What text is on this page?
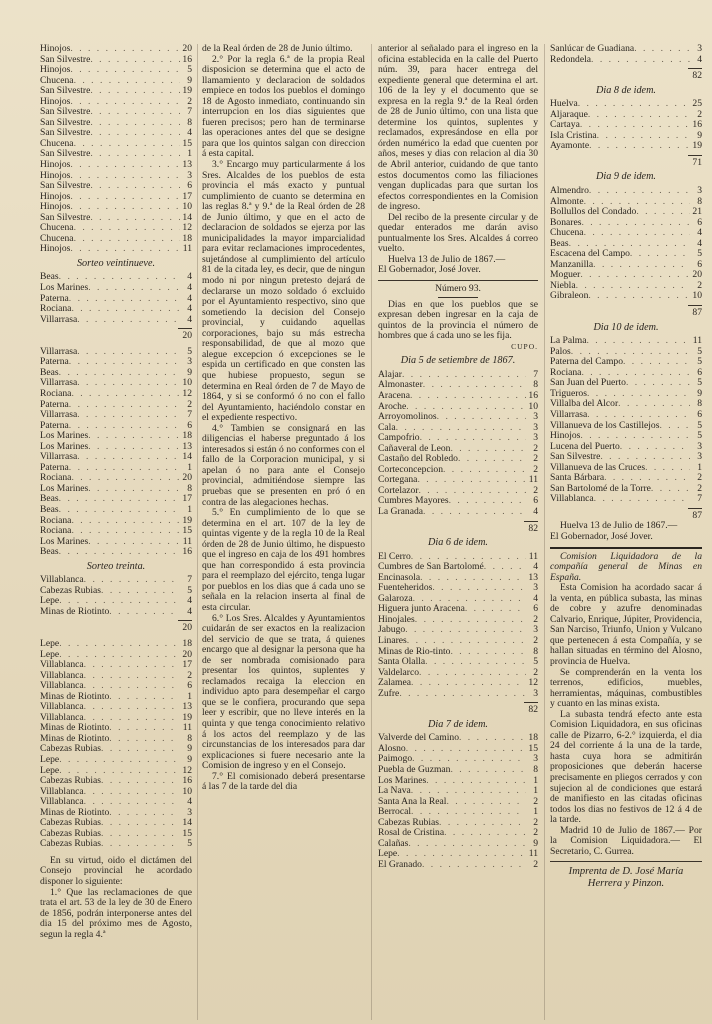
Hinojos . . .	20
San Silvestre . . .	16
Hinojos . . .	5
Chucena . . .	9
San Silvestre . . .	19
Hinojos . . .	2
San Silvestre . . .	7
San Silvestre . . .	8
San Silvestre . . .	4
Chucena . . .	15
San Silvestre . . .	1
Hinojos . . .	13
Hinojos . . .	3
San Silvestre . . .	6
Hinojos . . .	17
Hinojos . . .	10
San Silvestre . . .	14
Chucena . . .	12
Chucena . . .	18
Hinojos . . .	11
Sorteo veintinueve.
Beas . . .	4
Los Marines . . .	4
Paterna . . .	4
Rociana . . .	4
Villarrasa . . .	4
20
Villarrasa . . .	5
Paterna . . .	3
Beas . . .	9
Villarrasa . . .	10
Rociana . . .	12
Paterna . . .	2
Villarrasa . . .	7
Paterna . . .	6
Los Marines . . .	18
Los Marines . . .	13
Villarrasa . . .	14
Paterna . . .	1
Rociana . . .	20
Los Marines . . .	8
Beas . . .	17
Beas . . .	1
Rociana . . .	19
Rociana . . .	15
Los Marines . . .	11
Beas . . .	16
Sorteo treinta.
Villablanca . . .	7
Cabezas Rubias . . .	5
Lepe . . .	4
Minas de Riotinto . . .	4
20
Lepe . . .	18
Lepe . . .	20
Villablanca . . .	17
Villablanca . . .	2
Villablanca . . .	6
Minas de Riotinto . . .	1
Villablanca . . .	13
Villablanca . . .	19
Minas de Riotinto . . .	11
Minas de Riotinto . . .	8
Cabezas Rubias . . .	9
Lepe . . .	9
Lepe . . .	12
Cabezas Rubias . . .	16
Villablanca . . .	10
Villablanca . . .	4
Minas de Riotinto . . .	3
Cabezas Rubias . . .	14
Cabezas Rubias . . .	15
Cabezas Rubias . . .	5

En su virtud, oido el dictámen del Consejo provincial he acordado disponer lo siguiente:

1.° Que las reclamaciones de que trata el art. 53 de la ley de 30 de Enero de 1856, podrán interponerse antes del dia 15 del próximo mes de Agosto, segun la regla 4.ª

de la Real órden de 28 de Junio último.

2.° Por la regla 6.ª de la propia Real disposicion se determina que el acto de llamamiento y declaracion de soldados empiece en todos los pueblos el domingo 18 de Agosto inmediato, continuando sin interrupcion en los dias siguientes que fueren precisos; pero han de terminarse las operaciones antes del que se designe para que los quintos salgan con direccion á esta capital.

3.° Encargo muy particularmente á los Sres. Alcaldes de los pueblos de esta provincia el más exacto y puntual cumplimiento de cuanto se determina en las reglas 8.ª y 9.ª de la Real órden de 28 de Junio último, y que en el acto de declaracion de soldados se ejerza por las municipalidades la mayor imparcialidad para evitar reclamaciones improcedentes, sujetándose al cumplimiento del artículo 81 de la citada ley, es decir, que de ningun modo ni por ningun pretesto dejará de declararse un mozo soldado ó excluido por el Ayuntamiento respectivo, sino que sometiendo la decision del Consejo provincial, y cuidando aquellas corporaciones, bajo su más estrecha responsabilidad, de que al mozo que alegue excepcion ó excepciones se le espida un certificado en que consten las que hubiese propuesto, segun se determina en Real órden de 7 de Mayo de 1864, y si se conformó ó no con el fallo del Ayuntamiento, haciéndolo constar en el expediente respectivo.

4.° Tambien se consignará en las diligencias el haberse preguntado á los interesados si están ó no conformes con el fallo de la Corporacion municipal, y si apelan ó no para ante el Consejo provincial, admitiéndose siempre las pruebas que se presenten en pró ó en contra de las alegaciones hechas.

5.° En cumplimiento de lo que se determina en el art. 107 de la ley de quintas vigente y de la regla 10 de la Real órden de 28 de Junio último, he dispuesto que el ingreso en caja de los 491 hombres que han correspondido á esta provincia para el reemplazo del ejército, tenga lugar por pueblos en los dias que á cada uno se señala en la relacion inserta al final de esta circular.

6.° Los Sres. Alcaldes y Ayuntamientos cuidarán de ser exactos en la realizacion del servicio de que se trata, á quienes encargo que al designar la persona que ha de ser nombrada comisionado para presentar los quintos, suplentes y reclamados recaiga la eleccion en individuo apto para desempeñar el cargo que se le confiera, procurando que sepa leer y escribir, que no lleve interés en la quinta y que tenga conocimiento relativo á los actos del reemplazo y de las circunstancias de los interesados para dar explicaciones si fuere necesario ante la Comision de ingreso y en el Consejo.

7.° El comisionado deberá presentarse á las 7 de la tarde del dia

anterior al señalado para el ingreso en la oficina establecida en la calle del Puerto núm. 39, para hacer entrega del expediente general que determina el art. 106 de la ley y el documento que se expresa en la regla 9.ª de la Real órden de 28 de Junio último, con una lista que determine los quintos, suplentes y reclamados, expresándose en ella por órden numérico la edad que cuenten por años, meses y dias con relacion al dia 30 de Abril anterior, cuidando de que tanto estos documentos como las filiaciones vengan duplicadas para que surtan los efectos correspondientes en la Comision de ingreso.

Del recibo de la presente circular y de quedar enterados me darán aviso puntualmente los Sres. Alcaldes á correo vuelto.

Huelva 13 de Julio de 1867.—

El Gobernador, José Jover.

Número 93.

Dias en que los pueblos que se expresan deben ingresar en la caja de quintos de la provincia el número de hombres que á cada uno se les fija.

CUPO.
Dia 5 de setiembre de 1867.
Alajar . . .	7
Almonaster . . .	8
Aracena . . .	16
Aroche . . .	10
Arroyomolinos . . .	3
Cala . . .	3
Campofrio . . .	3
Cañaveral de Leon . . .	2
Castaño del Robledo . . .	2
Corteconcepcion . . .	2
Cortegana . . .	11
Cortelazor . . .	2
Cumbres Mayores . . .	6
La Granada . . .	4
82
Dia 6 de idem.
El Cerro . . .	11
Cumbres de San Bartolomé . . .	4
Encinasola . . .	13
Fuenteheridos . . .	3
Galaroza . . .	4
Higuera junto Aracena . . .	6
Hinojales . . .	2
Jabugo . . .	3
Linares . . .	2
Minas de Rio-tinto . . .	8
Santa Olalla . . .	5
Valdelarco . . .	2
Zalamea . . .	12
Zufre . . .	3
82
Dia 7 de idem.
Valverde del Camino . . .	18
Alosno . . .	15
Paimogo . . .	3
Puebla de Guzman . . .	8
Los Marines . . .	1
La Nava . . .	1
Santa Ana la Real . . .	2
Berrocal . . .	1
Cabezas Rubias . . .	2
Rosal de Cristina . . .	2
Calañas . . .	9
Lepe . . .	11
El Granado . . .	2
Sanlúcar de Guadiana . . .	3
Redondela . . .	4
82
Dia 8 de idem.
Huelva . . .	25
Aljaraque . . .	2
Cartaya . . .	16
Isla Cristina . . .	9
Ayamonte . . .	19
71
Dia 9 de idem.
Almendro . . .	3
Almonte . . .	8
Bollullos del Condado . . .	21
Bonares . . .	6
Chucena . . .	4
Beas . . .	4
Escacena del Campo . . .	5
Manzanilla . . .	6
Moguer . . .	20
Niebla . . .	2
Gibraleon . . .	10
87
Dia 10 de idem.
La Palma . . .	11
Palos . . .	5
Paterna del Campo . . .	5
Rociana . . .	6
San Juan del Puerto . . .	5
Trigueros . . .	9
Villalba del Alcor . . .	8
Villarrasa . . .	6
Villanueva de los Castillejos . . .	5
Hinojos . . .	5
Lucena del Puerto . . .	3
San Silvestre . . .	3
Villanueva de las Cruces . . .	1
Santa Bárbara . . .	2
San Bartolomé de la Torre . . .	2
Villablanca . . .	7
87

Huelva 13 de Julio de 1867.—

El Gobernador, José Jover.

Comision Liquidadora de la compañía general de Minas en España.

Esta Comision ha acordado sacar á la venta, en pública subasta, las minas de cobre y azufre denominadas Calvario, Enrique, Júpiter, Providencia, San Narciso, Triunfo, Union y Vulcano que pertenecen á esta Compañía, y se hallan situadas en término del Alosno, provincia de Huelva.

Se comprenderán en la venta los terrenos, edificios, muebles, herramientas, máquinas, combustibles y cuanto en las minas exista.

La subasta tendrá efecto ante esta Comision Liquidadora, en sus oficinas calle de Pizarro, 6-2.° izquierda, el dia 24 del corriente á la una de la tarde, hasta cuya hora se admitirán proposiciones que deberán hacerse precisamente en pliegos cerrados y con sujecion al de condiciones que estará de manifiesto en las citadas oficinas todos los dias no festivos de 12 á 4 de la tarde.

Madrid 10 de Julio de 1867.— Por la Comision Liquidadora.— El Secretario, C. Gurrea.

Imprenta de D. José María
Herrera y Pinzon.
